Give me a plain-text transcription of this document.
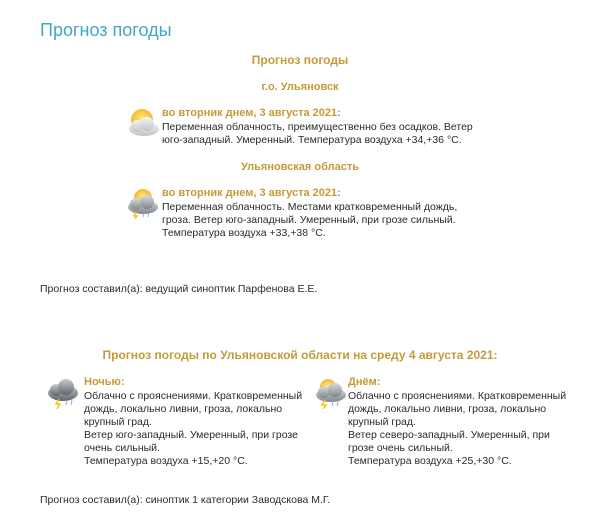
Прогноз погоды
Прогноз погоды
г.о. Ульяновск
во вторник днем, 3 августа 2021:
Переменная облачность, преимущественно без осадков. Ветер
юго-западный. Умеренный. Температура воздуха +34,+36 °С.
Ульяновская область
во вторник днем, 3 августа 2021:
Переменная облачность. Местами кратковременный дождь,
гроза. Ветер юго-западный. Умеренный, при грозе сильный.
Температура воздуха +33,+38 °С.
Прогноз составил(а): ведущий синоптик Парфенова Е.Е.
Прогноз погоды по Ульяновской области на среду 4 августа 2021:
Ночью:
Облачно с прояснениями. Кратковременный
дождь, локально ливни, гроза, локально
крупный град.
Ветер юго-западный. Умеренный, при грозе
очень сильный.
Температура воздуха +15,+20 °С.
Днём:
Облачно с прояснениями. Кратковременный
дождь, локально ливни, гроза, локально
крупный град.
Ветер северо-западный. Умеренный, при
грозе очень сильный.
Температура воздуха +25,+30 °С.
Прогноз составил(а): синоптик 1 категории Заводскова М.Г.
